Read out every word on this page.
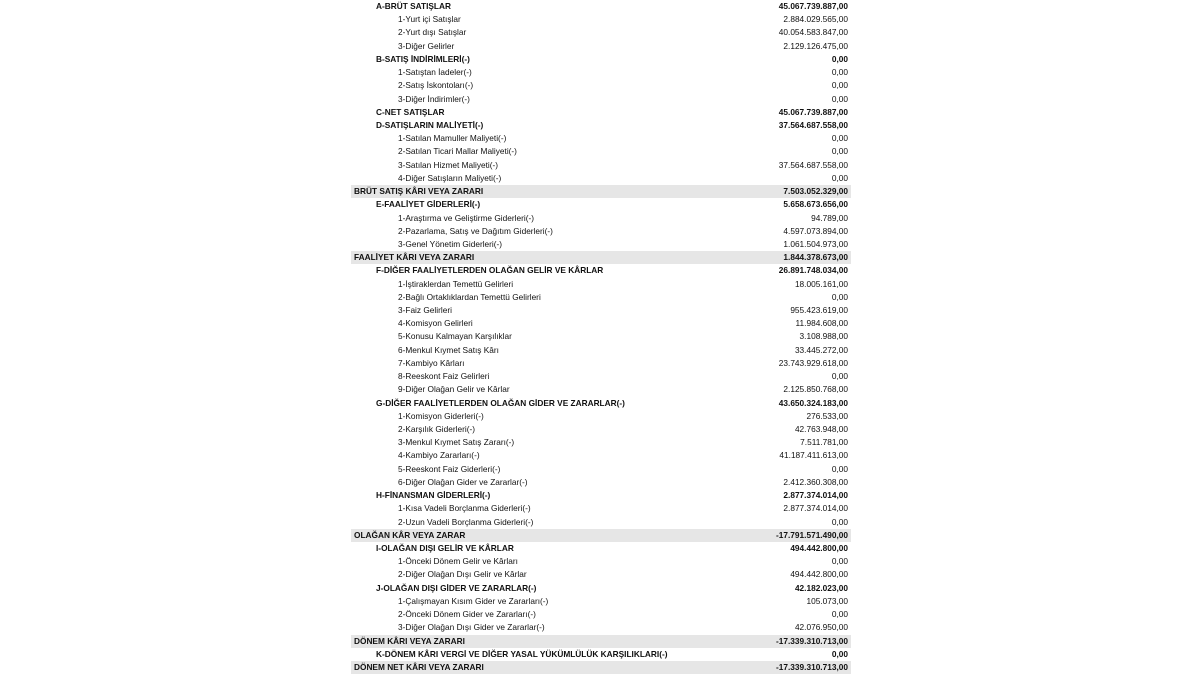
A-BRÜT SATIŞLAR	45.067.739.887,00
1-Yurt içi Satışlar	2.884.029.565,00
2-Yurt dışı Satışlar	40.054.583.847,00
3-Diğer Gelirler	2.129.126.475,00
B-SATIŞ İNDİRİMLERİ(-)	0,00
1-Satıştan İadeler(-)	0,00
2-Satış İskontoları(-)	0,00
3-Diğer İndirimler(-)	0,00
C-NET SATIŞLAR	45.067.739.887,00
D-SATIŞLARIN MALİYETİ(-)	37.564.687.558,00
1-Satılan Mamuller Maliyeti(-)	0,00
2-Satılan Ticari Mallar Maliyeti(-)	0,00
3-Satılan Hizmet Maliyeti(-)	37.564.687.558,00
4-Diğer Satışların Maliyeti(-)	0,00
BRÜT SATIŞ KÂRI VEYA ZARARI	7.503.052.329,00
E-FAALİYET GİDERLERİ(-)	5.658.673.656,00
1-Araştırma ve Geliştirme Giderleri(-)	94.789,00
2-Pazarlama, Satış ve Dağıtım Giderleri(-)	4.597.073.894,00
3-Genel Yönetim Giderleri(-)	1.061.504.973,00
FAALİYET KÂRI VEYA ZARARI	1.844.378.673,00
F-DİĞER FAALİYETLERDEN OLAĞAN GELİR VE KÂRLAR	26.891.748.034,00
1-İştiraklerdan Temettü Gelirleri	18.005.161,00
2-Bağlı Ortaklıklardan Temettü Gelirleri	0,00
3-Faiz Gelirleri	955.423.619,00
4-Komisyon Gelirleri	11.984.608,00
5-Konusu Kalmayan Karşılıklar	3.108.988,00
6-Menkul Kıymet Satış Kârı	33.445.272,00
7-Kambiyo Kârları	23.743.929.618,00
8-Reeskont Faiz Gelirleri	0,00
9-Diğer Olağan Gelir ve Kârlar	2.125.850.768,00
G-DİĞER FAALİYETLERDEN OLAĞAN GİDER VE ZARARLAR(-)	43.650.324.183,00
1-Komisyon Giderleri(-)	276.533,00
2-Karşılık Giderleri(-)	42.763.948,00
3-Menkul Kıymet Satış Zararı(-)	7.511.781,00
4-Kambiyo Zararları(-)	41.187.411.613,00
5-Reeskont Faiz Giderleri(-)	0,00
6-Diğer Olağan Gider ve Zararlar(-)	2.412.360.308,00
H-FİNANSMAN GİDERLERİ(-)	2.877.374.014,00
1-Kısa Vadeli Borçlanma Giderleri(-)	2.877.374.014,00
2-Uzun Vadeli Borçlanma Giderleri(-)	0,00
OLAĞAN KÂR VEYA ZARAR	-17.791.571.490,00
I-OLAĞAN DIŞI GELİR VE KÂRLAR	494.442.800,00
1-Önceki Dönem Gelir ve Kârları	0,00
2-Diğer Olağan Dışı Gelir ve Kârlar	494.442.800,00
J-OLAĞAN DIŞI GİDER VE ZARARLAR(-)	42.182.023,00
1-Çalışmayan Kısım Gider ve Zararları(-)	105.073,00
2-Önceki Dönem Gider ve Zararları(-)	0,00
3-Diğer Olağan Dışı Gider ve Zararlar(-)	42.076.950,00
DÖNEM KÂRI VEYA ZARARI	-17.339.310.713,00
K-DÖNEM KÂRI VERGİ VE DİĞER YASAL YÜKÜMLÜLÜK KARŞILIKLARI(-)	0,00
DÖNEM NET KÂRI VEYA ZARARI	-17.339.310.713,00
